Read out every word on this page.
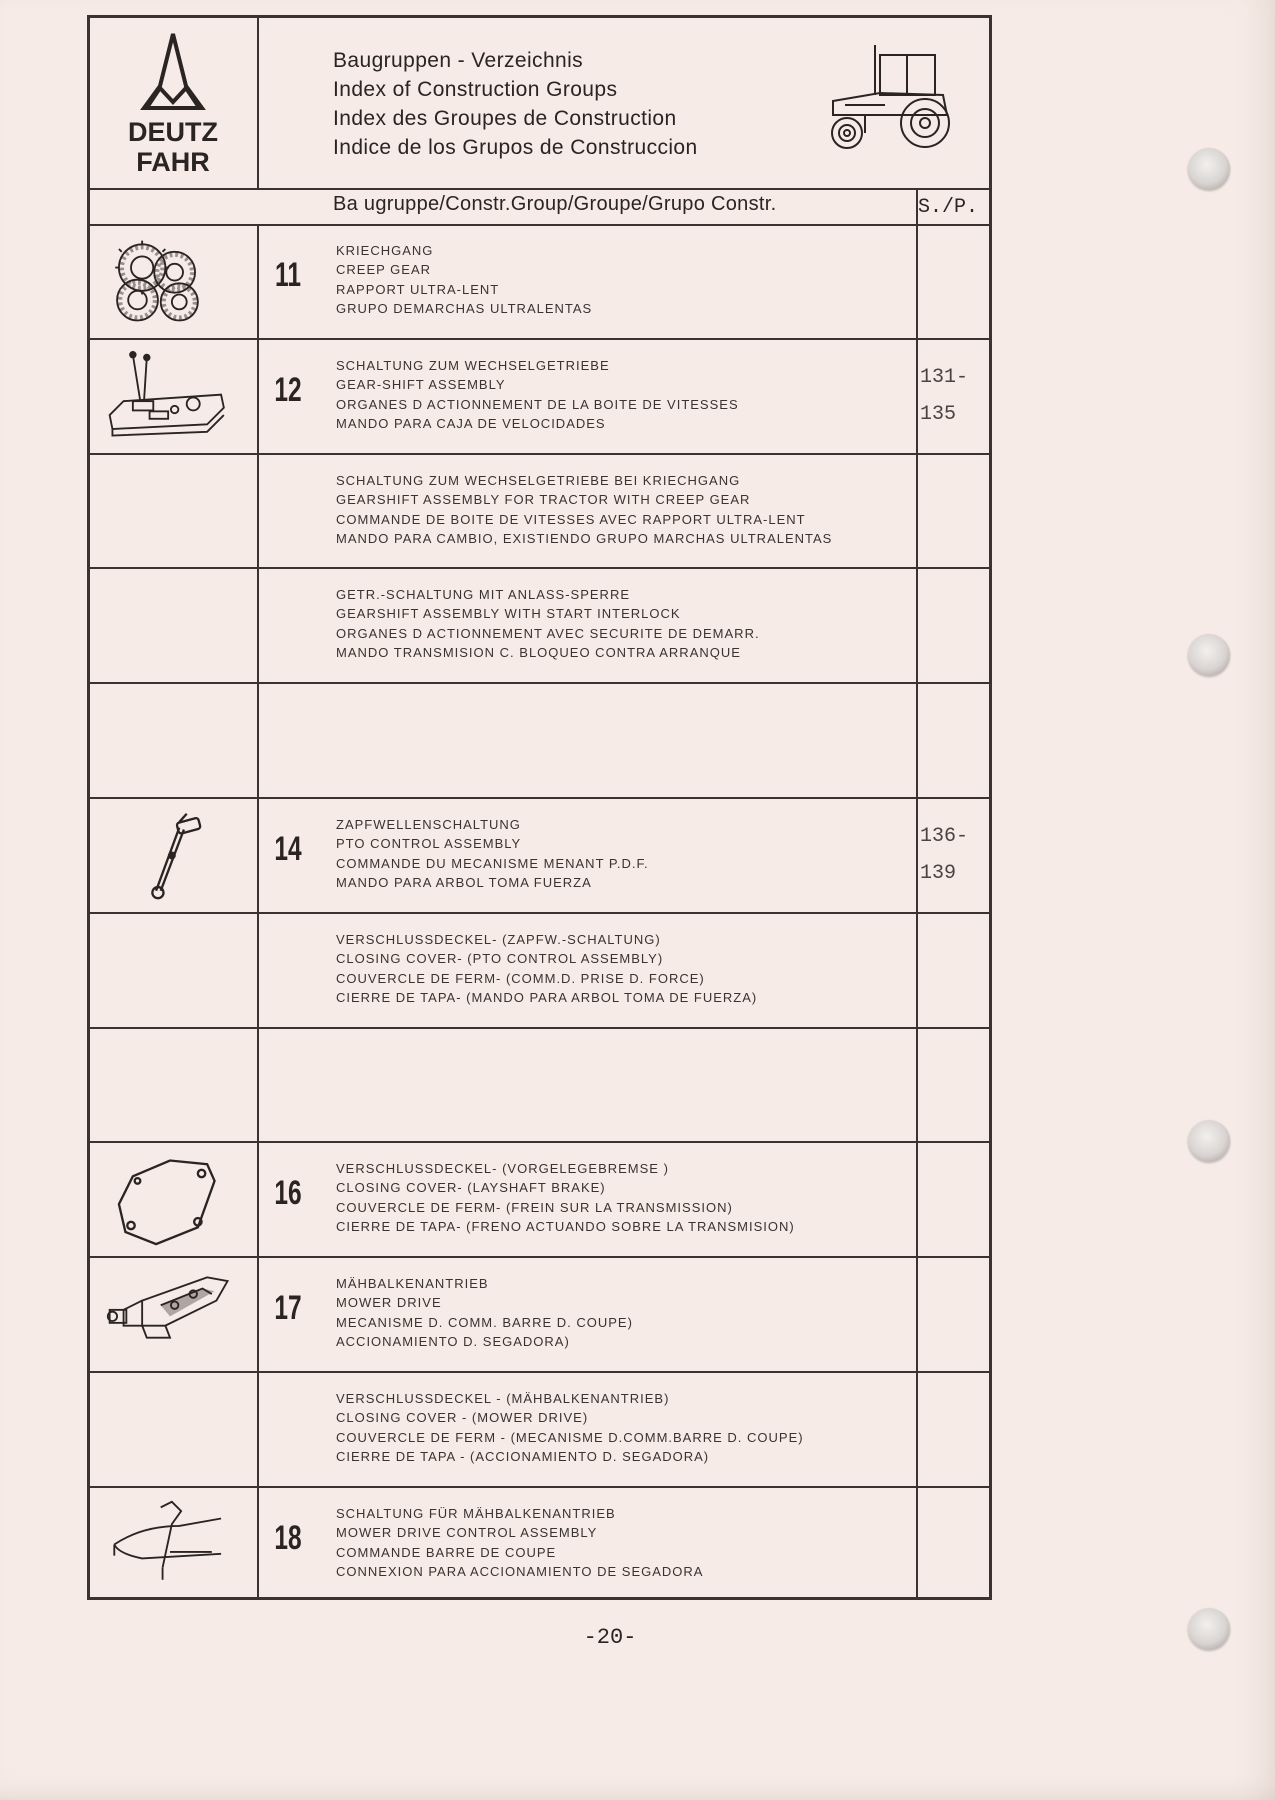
DEUTZ
FAHR
Baugruppen - Verzeichnis
Index of Construction Groups
Index des Groupes de Construction
Indice de los Grupos de Construccion
Ba ugruppe/Constr.Group/Groupe/Grupo Constr.	S./P.
11
KRIECHGANG
CREEP GEAR
RAPPORT ULTRA-LENT
GRUPO DEMARCHAS ULTRALENTAS
12
SCHALTUNG ZUM WECHSELGETRIEBE
GEAR-SHIFT ASSEMBLY
ORGANES D ACTIONNEMENT DE LA BOITE DE VITESSES
MANDO PARA CAJA DE VELOCIDADES
131-
135
SCHALTUNG ZUM WECHSELGETRIEBE BEI KRIECHGANG
GEARSHIFT ASSEMBLY FOR TRACTOR WITH CREEP GEAR
COMMANDE DE BOITE DE VITESSES AVEC RAPPORT ULTRA-LENT
MANDO PARA CAMBIO, EXISTIENDO GRUPO MARCHAS ULTRALENTAS
GETR.-SCHALTUNG MIT ANLASS-SPERRE
GEARSHIFT ASSEMBLY WITH START INTERLOCK
ORGANES D ACTIONNEMENT AVEC SECURITE DE DEMARR.
MANDO TRANSMISION C. BLOQUEO CONTRA ARRANQUE
14
ZAPFWELLENSCHALTUNG
PTO CONTROL ASSEMBLY
COMMANDE DU MECANISME MENANT P.D.F.
MANDO PARA ARBOL TOMA FUERZA
136-
139
VERSCHLUSSDECKEL- (ZAPFW.-SCHALTUNG)
CLOSING COVER- (PTO CONTROL ASSEMBLY)
COUVERCLE DE FERM- (COMM.D. PRISE D. FORCE)
CIERRE DE TAPA- (MANDO PARA ARBOL TOMA DE FUERZA)
16
VERSCHLUSSDECKEL- (VORGELEGEBREMSE )
CLOSING COVER- (LAYSHAFT BRAKE)
COUVERCLE DE FERM- (FREIN SUR LA TRANSMISSION)
CIERRE DE TAPA- (FRENO ACTUANDO SOBRE LA TRANSMISION)
17
MÄHBALKENANTRIEB
MOWER DRIVE
MECANISME D. COMM. BARRE D. COUPE)
ACCIONAMIENTO D. SEGADORA)
VERSCHLUSSDECKEL - (MÄHBALKENANTRIEB)
CLOSING COVER - (MOWER DRIVE)
COUVERCLE DE FERM - (MECANISME D.COMM.BARRE D. COUPE)
CIERRE DE TAPA - (ACCIONAMIENTO D. SEGADORA)
18
SCHALTUNG FÜR MÄHBALKENANTRIEB
MOWER DRIVE CONTROL ASSEMBLY
COMMANDE BARRE DE COUPE
CONNEXION PARA ACCIONAMIENTO DE SEGADORA
-20-
